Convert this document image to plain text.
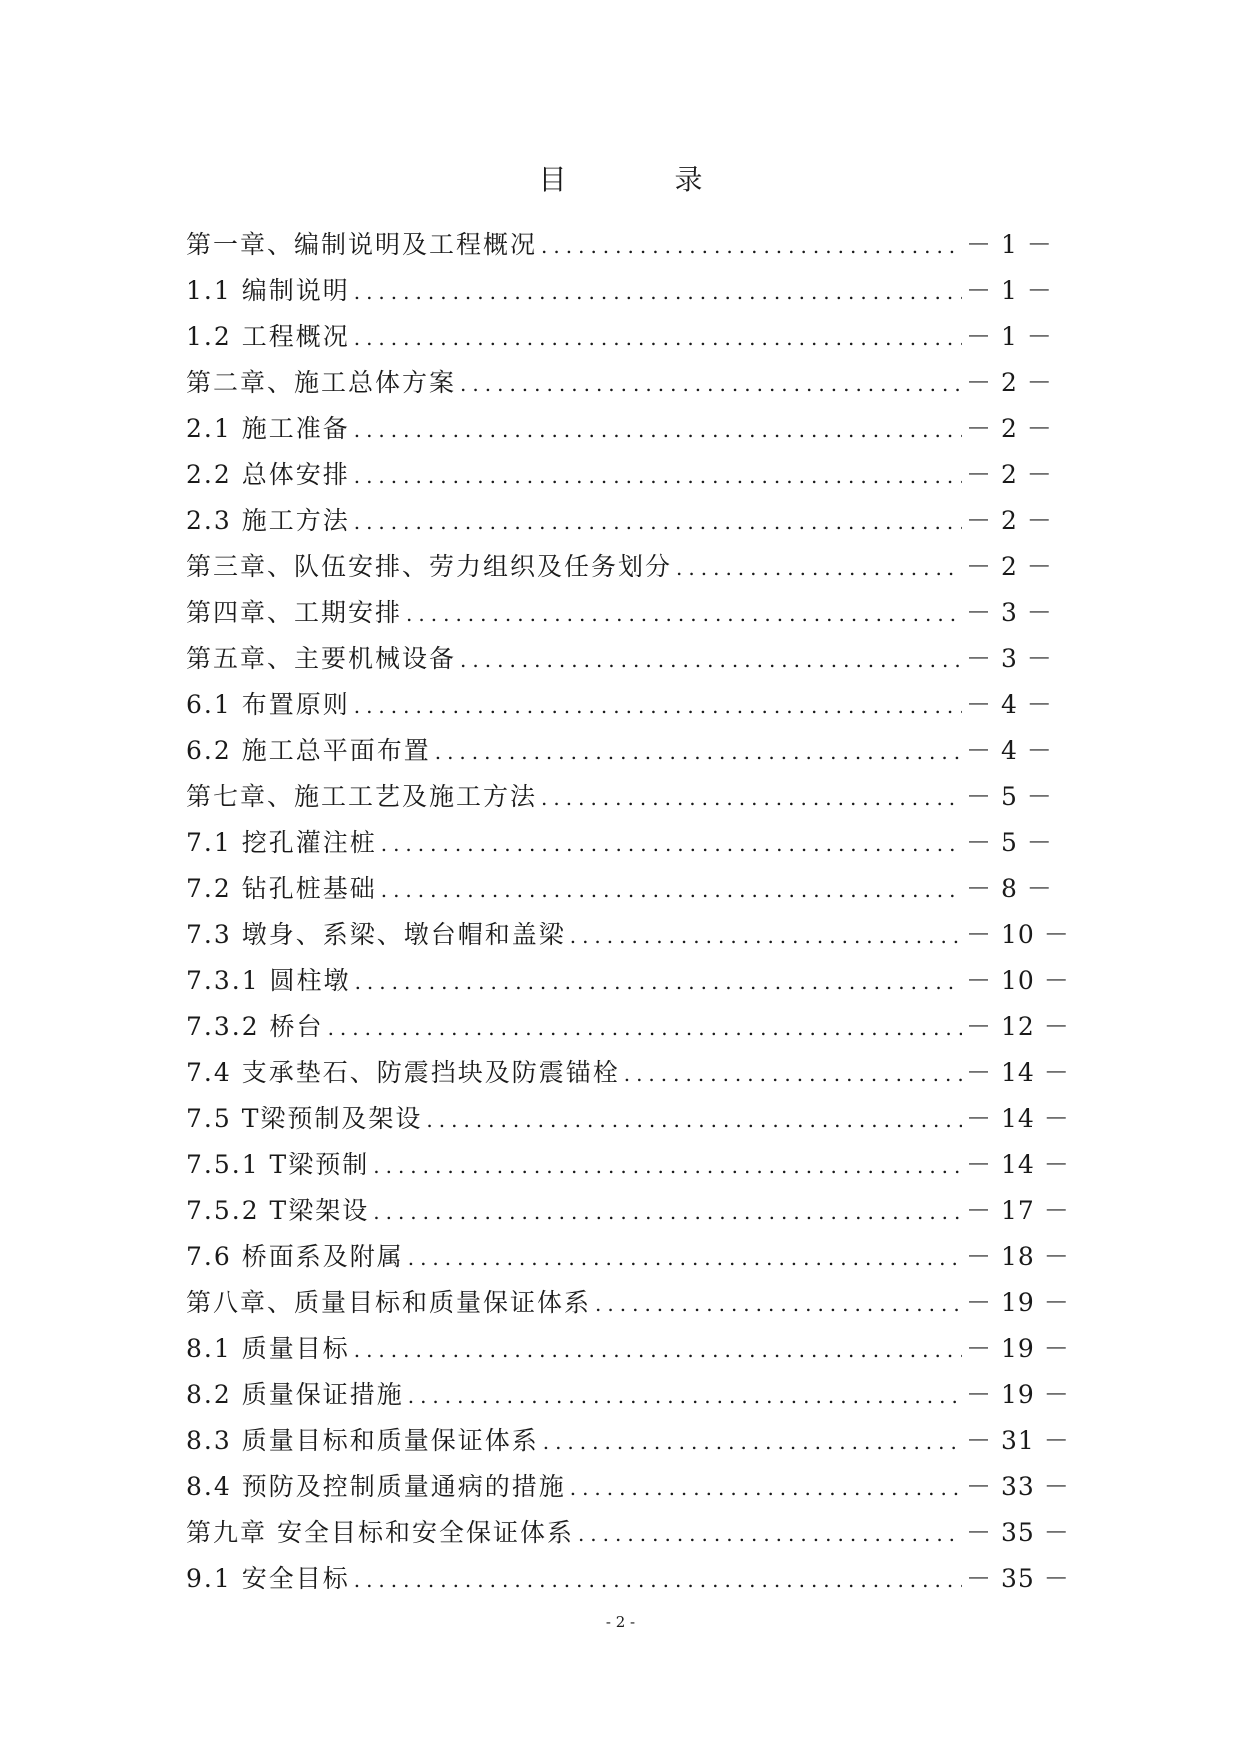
目　录
第一章、编制说明及工程概况 .....	－ 1 －
1.1 编制说明 .....	－ 1 －
1.2 工程概况 .....	－ 1 －
第二章、施工总体方案 .....	－ 2 －
2.1 施工准备 .....	－ 2 －
2.2 总体安排 .....	－ 2 －
2.3 施工方法 .....	－ 2 －
第三章、队伍安排、劳力组织及任务划分 .....	－ 2 －
第四章、工期安排 .....	－ 3 －
第五章、主要机械设备 .....	－ 3 －
6.1 布置原则 .....	－ 4 －
6.2 施工总平面布置 .....	－ 4 －
第七章、施工工艺及施工方法 .....	－ 5 －
7.1 挖孔灌注桩 .....	－ 5 －
7.2 钻孔桩基础 .....	－ 8 －
7.3 墩身、系梁、墩台帽和盖梁 .....	－ 10 －
7.3.1 圆柱墩 .....	－ 10 －
7.3.2 桥台 .....	－ 12 －
7.4 支承垫石、防震挡块及防震锚栓 .....	－ 14 －
7.5 T梁预制及架设 .....	－ 14 －
7.5.1 T梁预制 .....	－ 14 －
7.5.2 T梁架设 .....	－ 17 －
7.6 桥面系及附属 .....	－ 18 －
第八章、质量目标和质量保证体系 .....	－ 19 －
8.1 质量目标 .....	－ 19 －
8.2 质量保证措施 .....	－ 19 －
8.3 质量目标和质量保证体系 .....	－ 31 －
8.4 预防及控制质量通病的措施 .....	－ 33 －
第九章 安全目标和安全保证体系 .....	－ 35 －
9.1 安全目标 .....	－ 35 －
- 2 -
